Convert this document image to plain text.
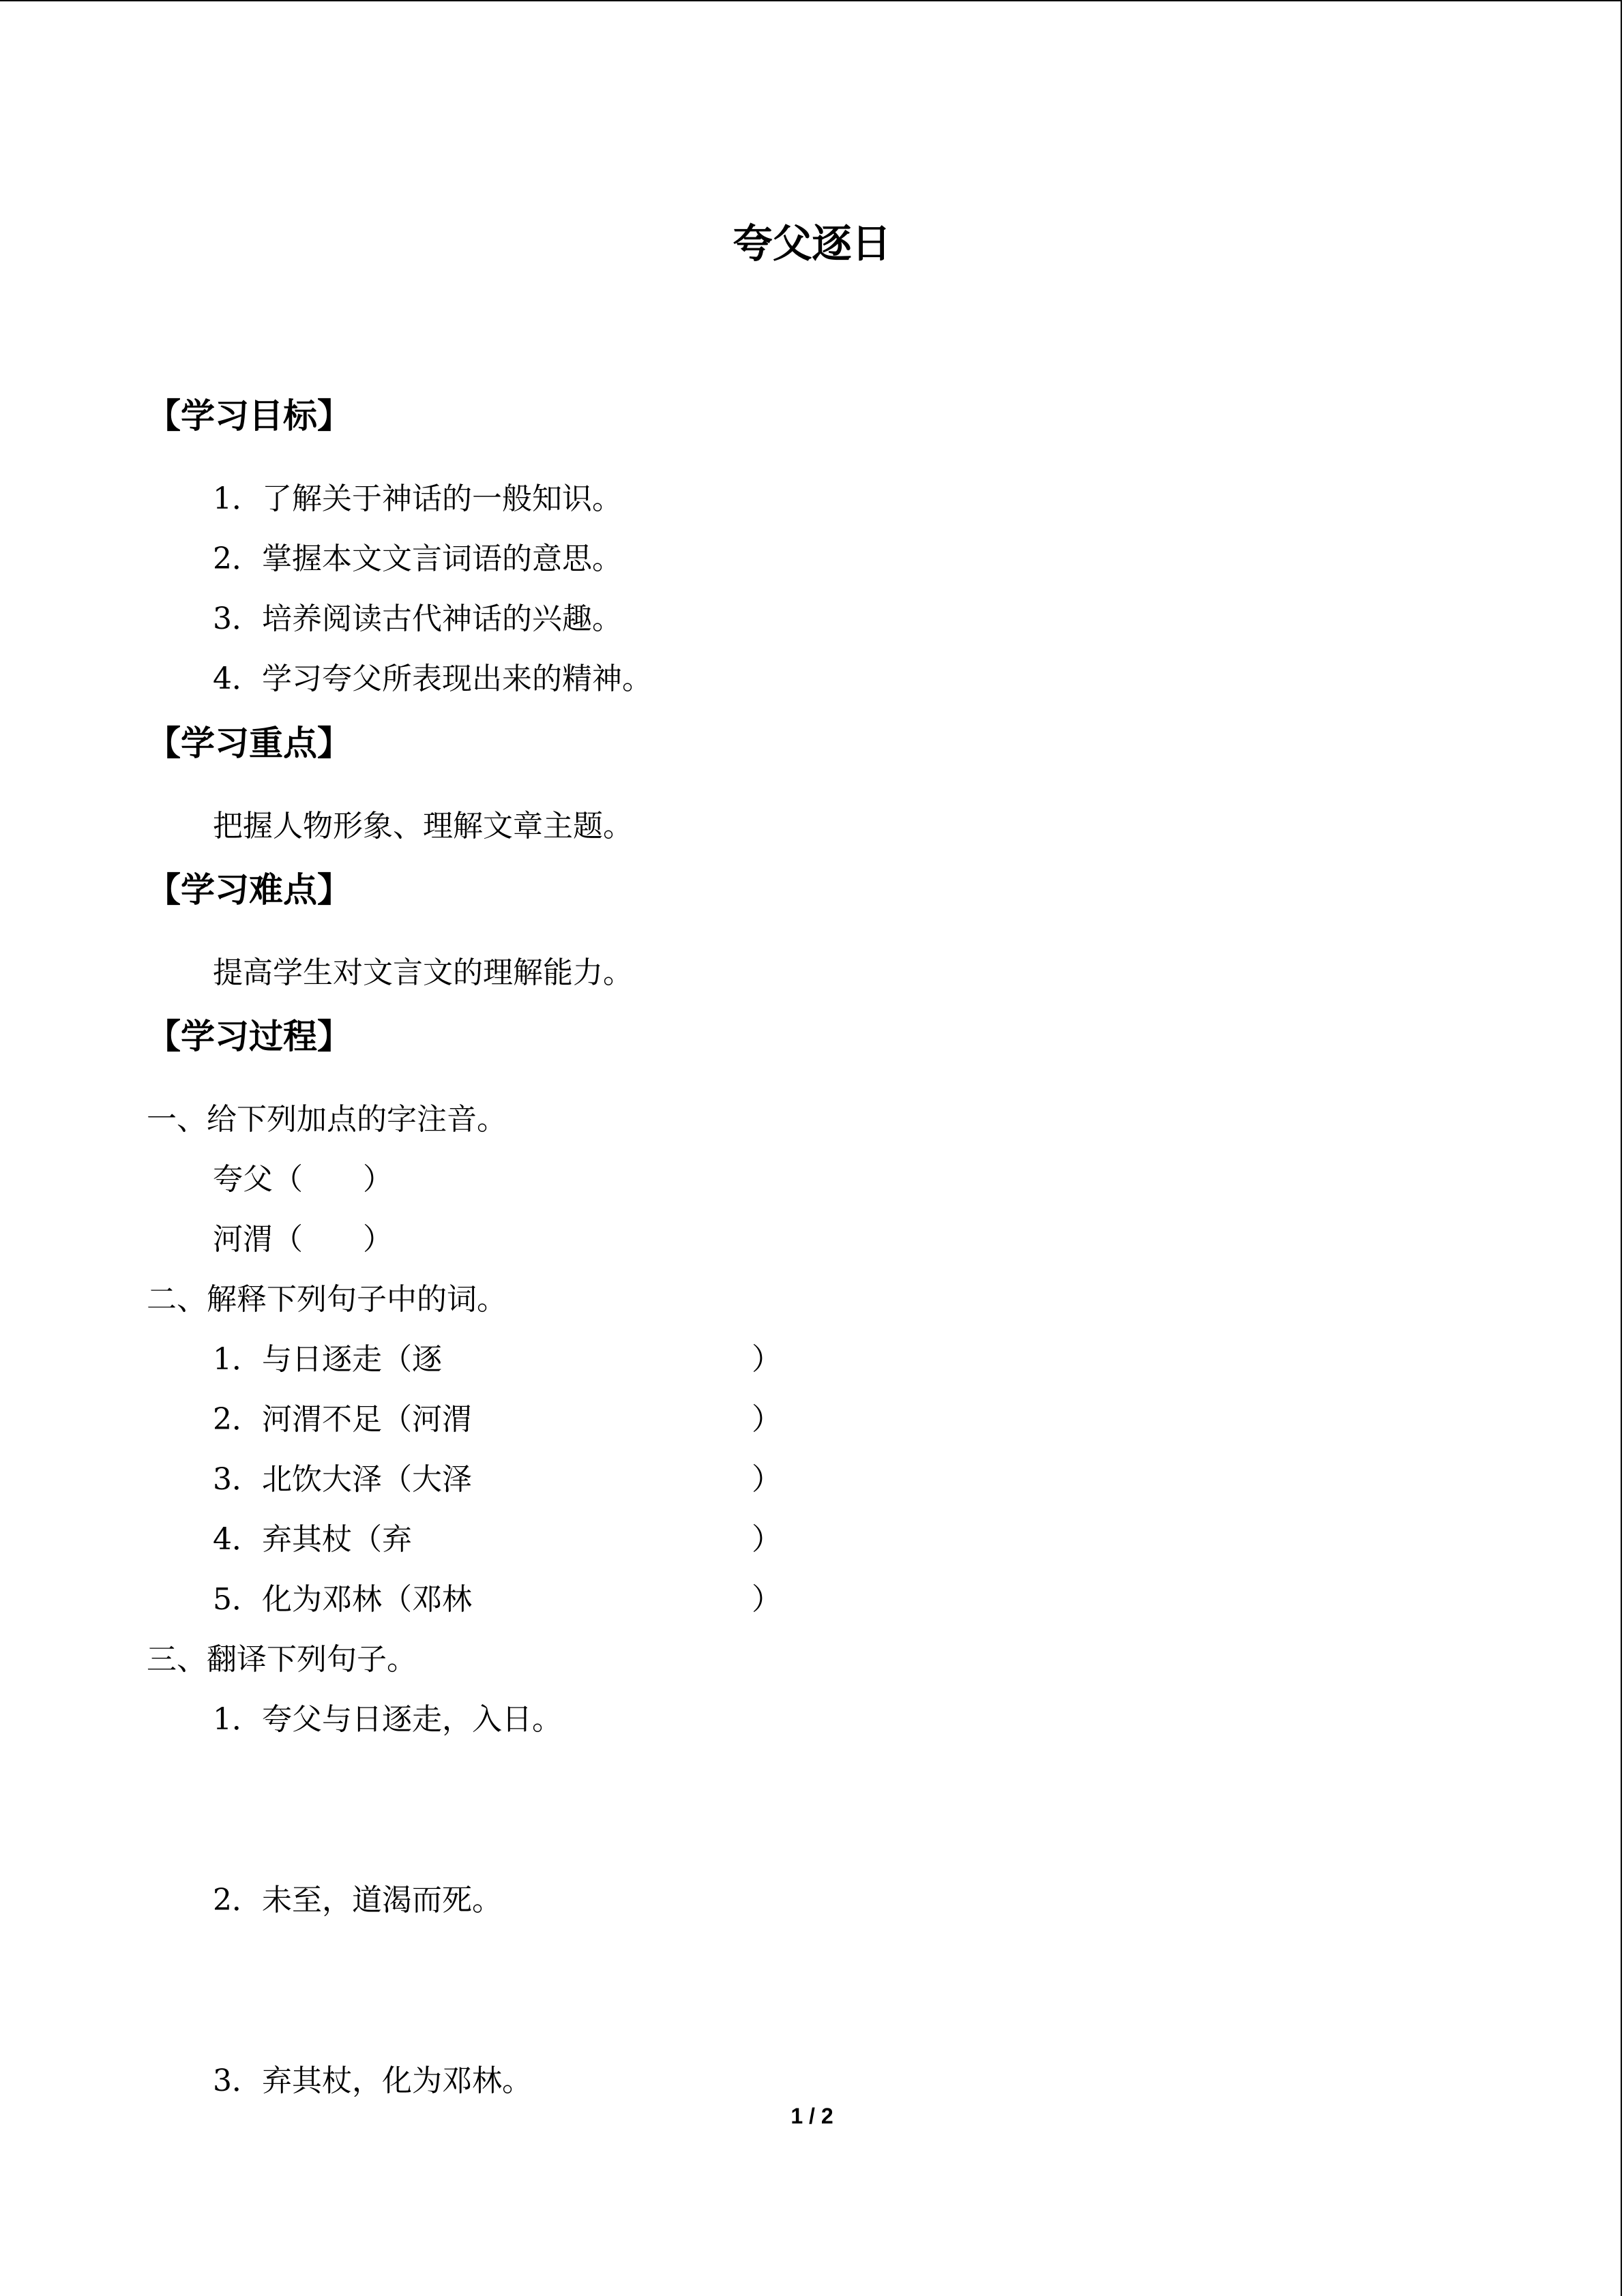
夸父逐日
【学习目标】
1．了解关于神话的一般知识。
2．掌握本文文言词语的意思。
3．培养阅读古代神话的兴趣。
4．学习夸父所表现出来的精神。
【学习重点】
把握人物形象、理解文章主题。
【学习难点】
提高学生对文言文的理解能力。
【学习过程】
一、给下列加点的字注音。
夸父（　　）
河渭（　　）
二、解释下列句子中的词。
1．与日逐走（逐	）
2．河渭不足（河渭	）
3．北饮大泽（大泽	）
4．弃其杖（弃	）
5．化为邓林（邓林	）
三、翻译下列句子。
1．夸父与日逐走，入日。
2．未至，道渴而死。
3．弃其杖，化为邓林。
1 / 2
